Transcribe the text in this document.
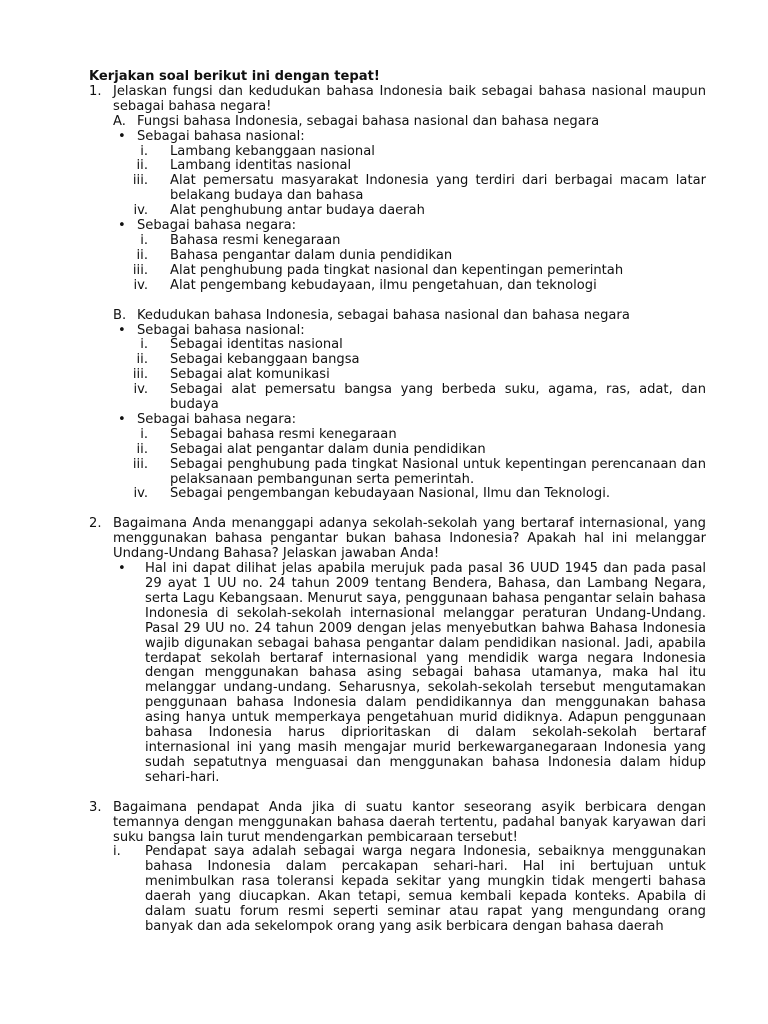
Kerjakan soal berikut ini dengan tepat!
1. Jelaskan fungsi dan kedudukan bahasa Indonesia baik sebagai bahasa nasional maupun sebagai bahasa negara!
A. Fungsi bahasa Indonesia, sebagai bahasa nasional dan bahasa negara
• Sebagai bahasa nasional:
i. Lambang kebanggaan nasional
ii. Lambang identitas nasional
iii. Alat pemersatu masyarakat Indonesia yang terdiri dari berbagai macam latar belakang budaya dan bahasa
iv. Alat penghubung antar budaya daerah
• Sebagai bahasa negara:
i. Bahasa resmi kenegaraan
ii. Bahasa pengantar dalam dunia pendidikan
iii. Alat penghubung pada tingkat nasional dan kepentingan pemerintah
iv. Alat pengembang kebudayaan, ilmu pengetahuan, dan teknologi
B. Kedudukan bahasa Indonesia, sebagai bahasa nasional dan bahasa negara
• Sebagai bahasa nasional:
i. Sebagai identitas nasional
ii. Sebagai kebanggaan bangsa
iii. Sebagai alat komunikasi
iv. Sebagai alat pemersatu bangsa yang berbeda suku, agama, ras, adat, dan budaya
• Sebagai bahasa negara:
i. Sebagai bahasa resmi kenegaraan
ii. Sebagai alat pengantar dalam dunia pendidikan
iii. Sebagai penghubung pada tingkat Nasional untuk kepentingan perencanaan dan pelaksanaan pembangunan serta pemerintah.
iv. Sebagai pengembangan kebudayaan Nasional, Ilmu dan Teknologi.
2. Bagaimana Anda menanggapi adanya sekolah-sekolah yang bertaraf internasional, yang menggunakan bahasa pengantar bukan bahasa Indonesia? Apakah hal ini melanggar Undang-Undang Bahasa? Jelaskan jawaban Anda!
• Hal ini dapat dilihat jelas apabila merujuk pada pasal 36 UUD 1945 dan pada pasal 29 ayat 1 UU no. 24 tahun 2009 tentang Bendera, Bahasa, dan Lambang Negara, serta Lagu Kebangsaan. Menurut saya, penggunaan bahasa pengantar selain bahasa Indonesia di sekolah-sekolah internasional melanggar peraturan Undang-Undang. Pasal 29 UU no. 24 tahun 2009 dengan jelas menyebutkan bahwa Bahasa Indonesia wajib digunakan sebagai bahasa pengantar dalam pendidikan nasional. Jadi, apabila terdapat sekolah bertaraf internasional yang mendidik warga negara Indonesia dengan menggunakan bahasa asing sebagai bahasa utamanya, maka hal itu melanggar undang-undang. Seharusnya, sekolah-sekolah tersebut mengutamakan penggunaan bahasa Indonesia dalam pendidikannya dan menggunakan bahasa asing hanya untuk memperkaya pengetahuan murid didiknya. Adapun penggunaan bahasa Indonesia harus diprioritaskan di dalam sekolah-sekolah bertaraf internasional ini yang masih mengajar murid berkewarganegaraan Indonesia yang sudah sepatutnya menguasai dan menggunakan bahasa Indonesia dalam hidup sehari-hari.
3. Bagaimana pendapat Anda jika di suatu kantor seseorang asyik berbicara dengan temannya dengan menggunakan bahasa daerah tertentu, padahal banyak karyawan dari suku bangsa lain turut mendengarkan pembicaraan tersebut!
i. Pendapat saya adalah sebagai warga negara Indonesia, sebaiknya menggunakan bahasa Indonesia dalam percakapan sehari-hari. Hal ini bertujuan untuk menimbulkan rasa toleransi kepada sekitar yang mungkin tidak mengerti bahasa daerah yang diucapkan. Akan tetapi, semua kembali kepada konteks. Apabila di dalam suatu forum resmi seperti seminar atau rapat yang mengundang orang banyak dan ada sekelompok orang yang asik berbicara dengan bahasa daerah
